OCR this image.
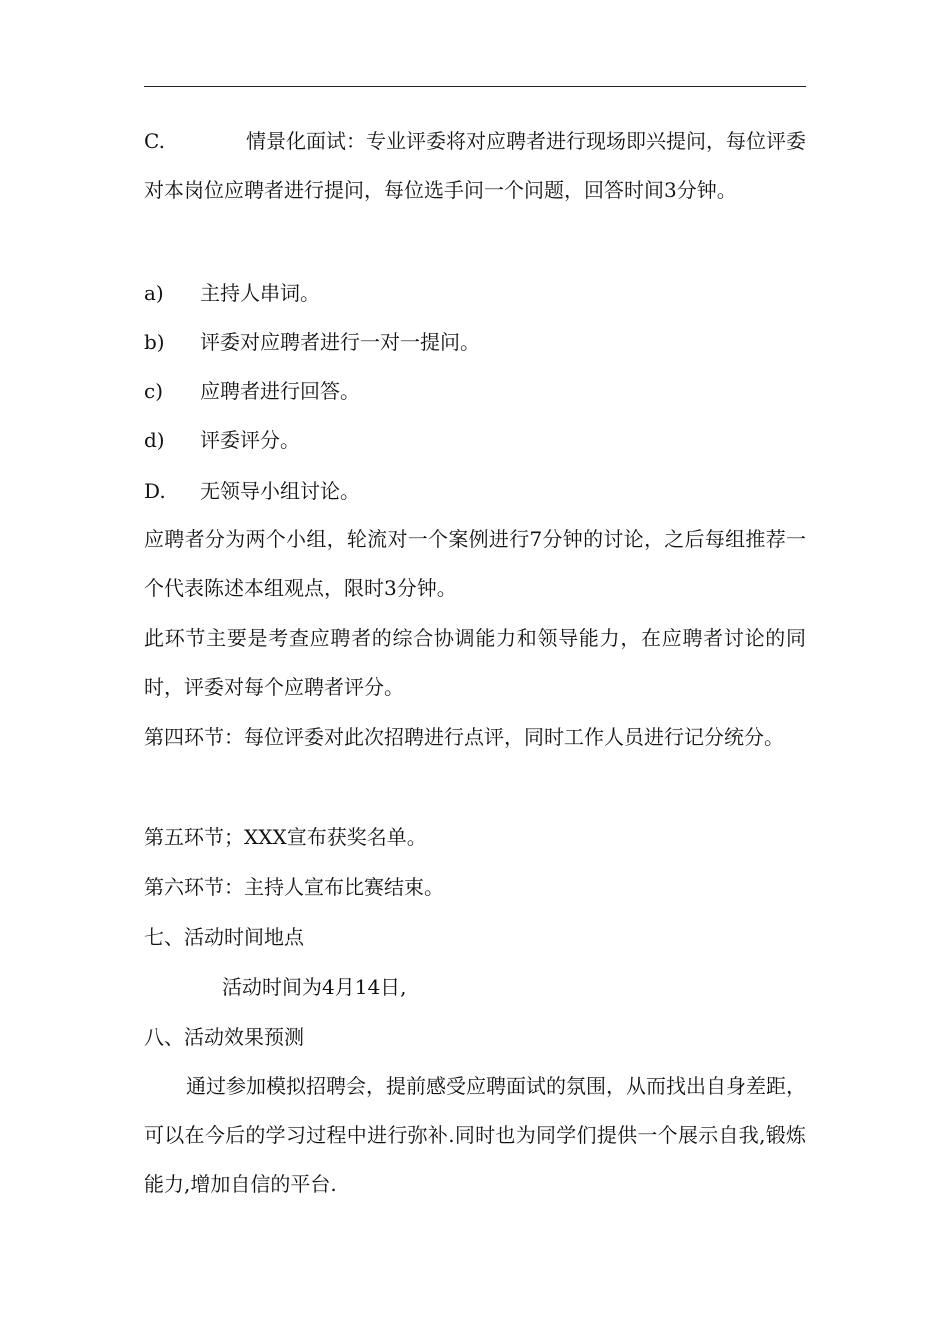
C.	情景化面试：专业评委将对应聘者进行现场即兴提问，每位评委对本岗位应聘者进行提问，每位选手问一个问题，回答时间3分钟。
a) 主持人串词。
b) 评委对应聘者进行一对一提问。
c) 应聘者进行回答。
d) 评委评分。
D. 无领导小组讨论。
应聘者分为两个小组，轮流对一个案例进行7分钟的讨论，之后每组推荐一个代表陈述本组观点，限时3分钟。
此环节主要是考查应聘者的综合协调能力和领导能力，在应聘者讨论的同时，评委对每个应聘者评分。
第四环节：每位评委对此次招聘进行点评，同时工作人员进行记分统分。
第五环节；XXX宣布获奖名单。
第六环节：主持人宣布比赛结束。
七、活动时间地点
活动时间为4月14日,
八、活动效果预测
通过参加模拟招聘会，提前感受应聘面试的氛围，从而找出自身差距，可以在今后的学习过程中进行弥补.同时也为同学们提供一个展示自我,锻炼能力,增加自信的平台.
